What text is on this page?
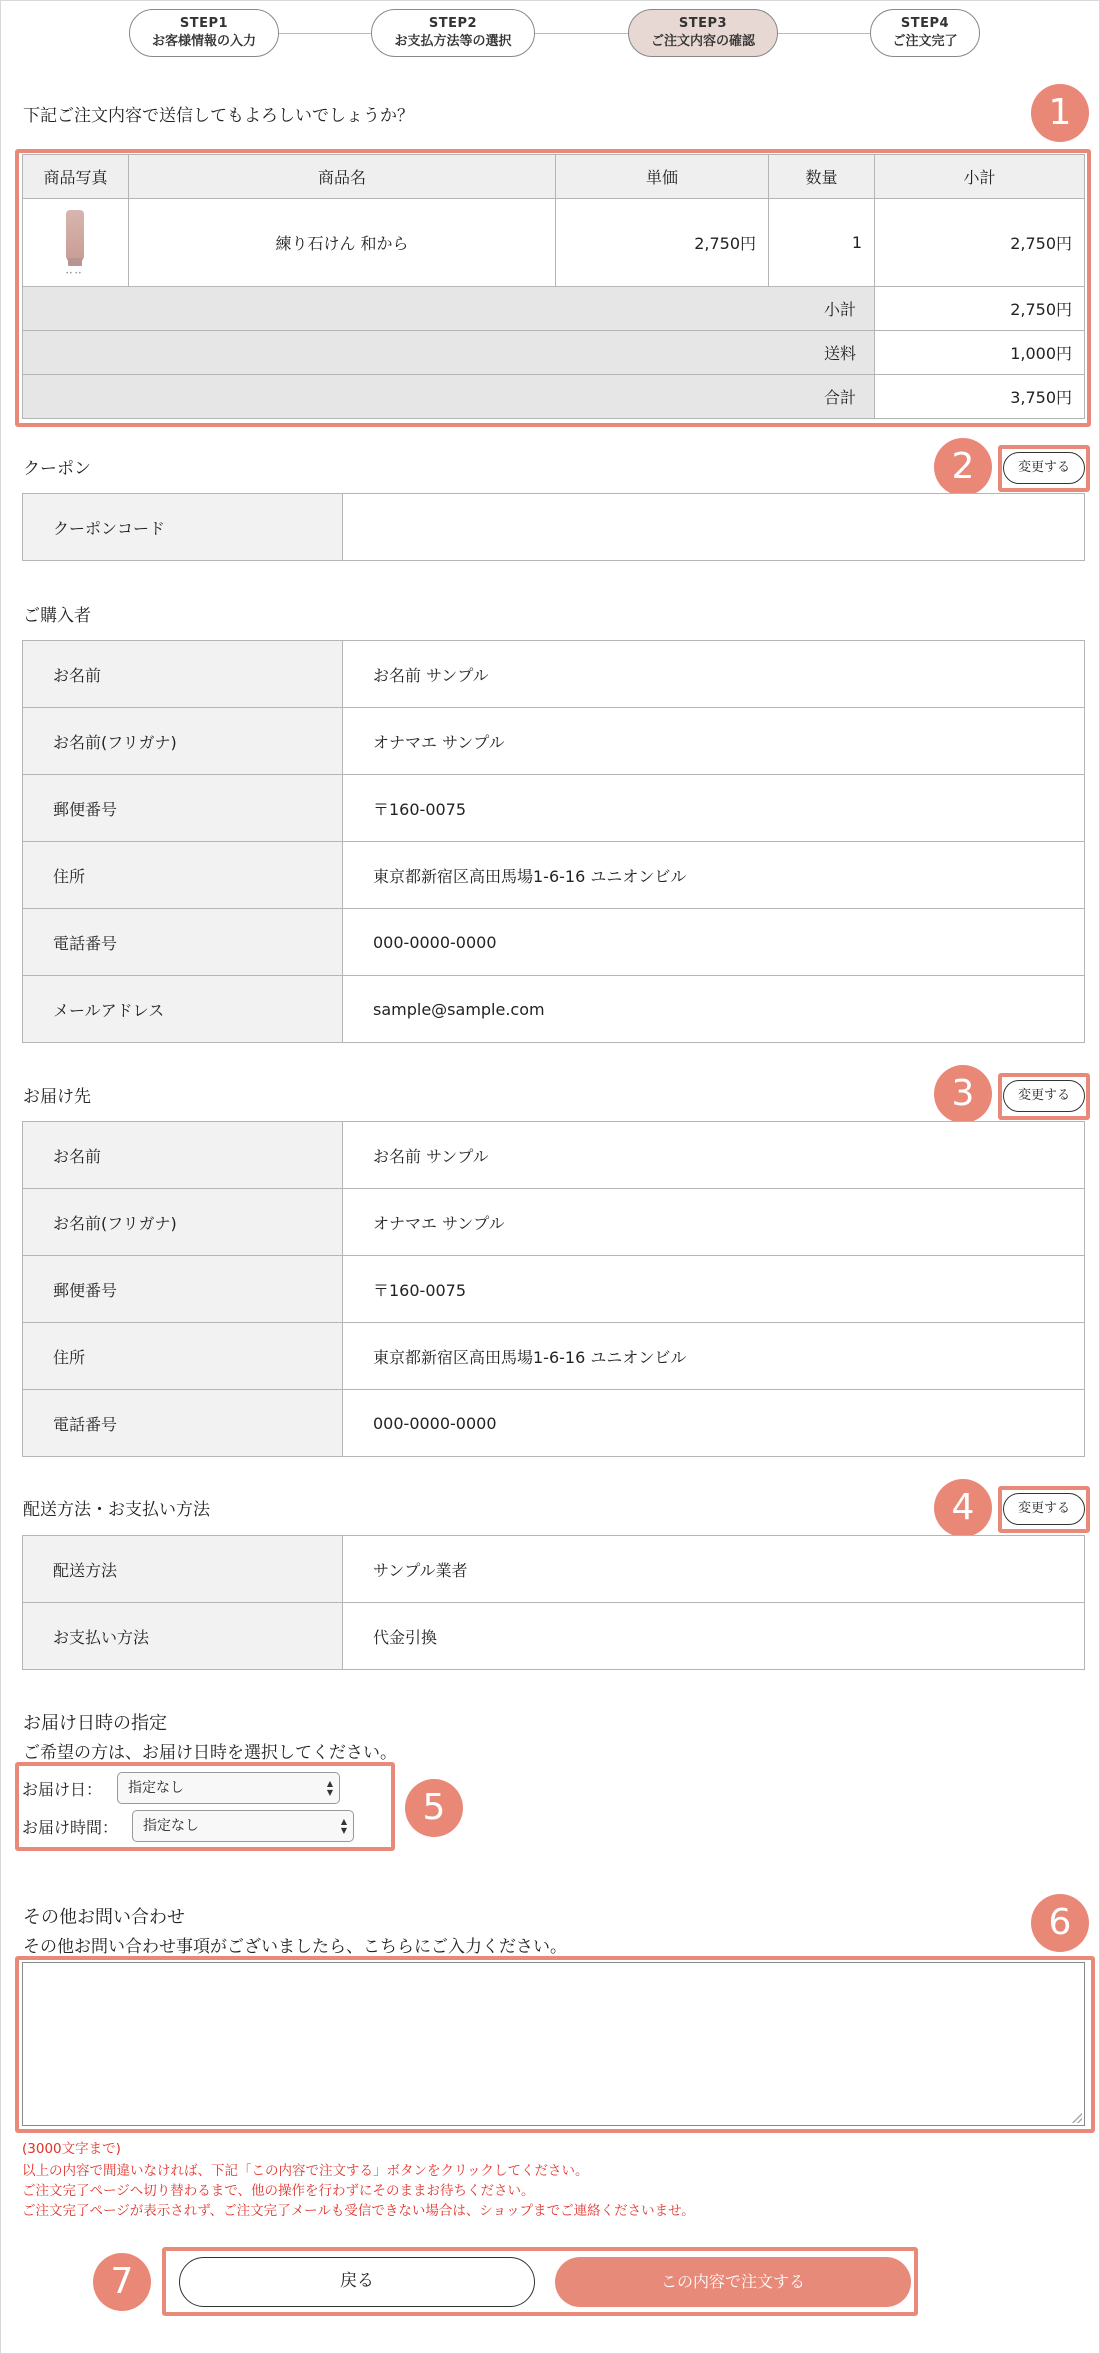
STEP1
お客様情報の入力
STEP2
お支払方法等の選択
STEP3
ご注文内容の確認
STEP4
ご注文完了
下記ご注文内容で送信してもよろしいでしょうか？	1
商品写真	商品名	単価	数量	小計

•• ••	練り石けん 和から	2,750円	1	2,750円
小計				2,750円
送料				1,000円
合計				3,750円
クーポン	2	変更する
クーポンコード	
ご購入者
お名前	お名前 サンプル
お名前(フリガナ)	オナマエ サンプル
郵便番号	〒160-0075
住所	東京都新宿区高田馬場1-6-16 ユニオンビル
電話番号	000-0000-0000
メールアドレス	sample@sample.com
お届け先	3	変更する
お名前	お名前 サンプル
お名前(フリガナ)	オナマエ サンプル
郵便番号	〒160-0075
住所	東京都新宿区高田馬場1-6-16 ユニオンビル
電話番号	000-0000-0000
配送方法・お支払い方法	4	変更する
配送方法	サンプル業者
お支払い方法	代金引換
お届け日時の指定
ご希望の方は、お届け日時を選択してください。
お届け日：	指定なし	▲
▼
お届け時間：	指定なし	▲
▼
5
その他お問い合わせ
その他お問い合わせ事項がございましたら、こちらにご入力ください。
6
(3000文字まで)
以上の内容で間違いなければ、下記「この内容で注文する」ボタンをクリックしてください。
ご注文完了ページへ切り替わるまで、他の操作を行わずにそのままお待ちください。
ご注文完了ページが表示されず、ご注文完了メールも受信できない場合は、ショップまでご連絡くださいませ。
7	戻る	この内容で注文する
